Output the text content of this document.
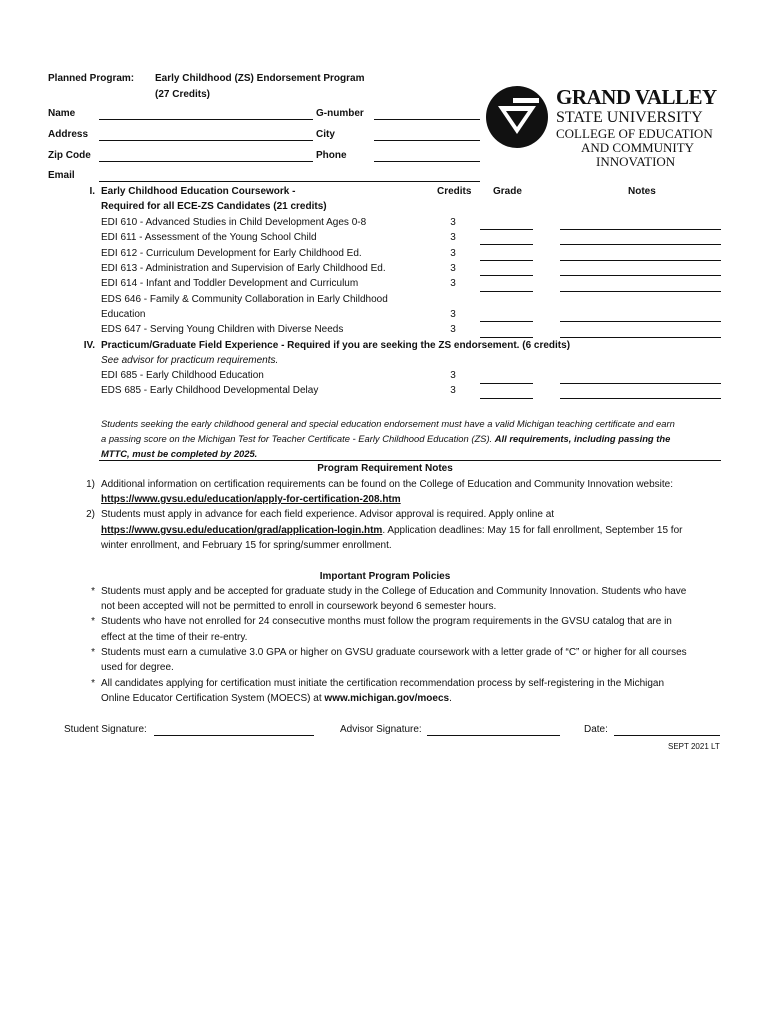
Planned Program: Early Childhood (ZS) Endorsement Program
(27 Credits)
Name	G-number
Address	City
Zip Code	Phone
Email
GRAND VALLEY
STATE UNIVERSITY
COLLEGE OF EDUCATION
AND COMMUNITY
INNOVATION
Credits Grade	Notes
I. Early Childhood Education Coursework -
Required for all ECE-ZS Candidates (21 credits)
EDI 610 - Advanced Studies in Child Development Ages 0-8	3
EDI 611 - Assessment of the Young School Child	3
EDI 612 - Curriculum Development for Early Childhood Ed.	3
EDI 613 - Administration and Supervision of Early Childhood Ed.	3
EDI 614 - Infant and Toddler Development and Curriculum	3
EDS 646 - Family & Community Collaboration in Early Childhood
Education	3
EDS 647 - Serving Young Children with Diverse Needs	3
IV. Practicum/Graduate Field Experience - Required if you are seeking the ZS endorsement. (6 credits)
See advisor for practicum requirements.
EDI 685 - Early Childhood Education	3
EDS 685 - Early Childhood Developmental Delay	3
Students seeking the early childhood general and special education endorsement must have a valid Michigan teaching certificate and earn
a passing score on the Michigan Test for Teacher Certificate - Early Childhood Education (ZS). All requirements, including passing the
MTTC, must be completed by 2025.
Program Requirement Notes
1) Additional information on certification requirements can be found on the College of Education and Community Innovation website:
https://www.gvsu.edu/education/apply-for-certification-208.htm
2) Students must apply in advance for each field experience. Advisor approval is required. Apply online at
https://www.gvsu.edu/education/grad/application-login.htm. Application deadlines: May 15 for fall enrollment, September 15 for
winter enrollment, and February 15 for spring/summer enrollment.
Important Program Policies
* Students must apply and be accepted for graduate study in the College of Education and Community Innovation. Students who have
not been accepted will not be permitted to enroll in coursework beyond 6 semester hours.
* Students who have not enrolled for 24 consecutive months must follow the program requirements in the GVSU catalog that are in
effect at the time of their re-entry.
* Students must earn a cumulative 3.0 GPA or higher on GVSU graduate coursework with a letter grade of “C” or higher for all courses
used for degree.
* All candidates applying for certification must initiate the certification recommendation process by self-registering in the Michigan
Online Educator Certification System (MOECS) at www.michigan.gov/moecs.
Student Signature:	Advisor Signature:	Date:
SEPT 2021 LT
